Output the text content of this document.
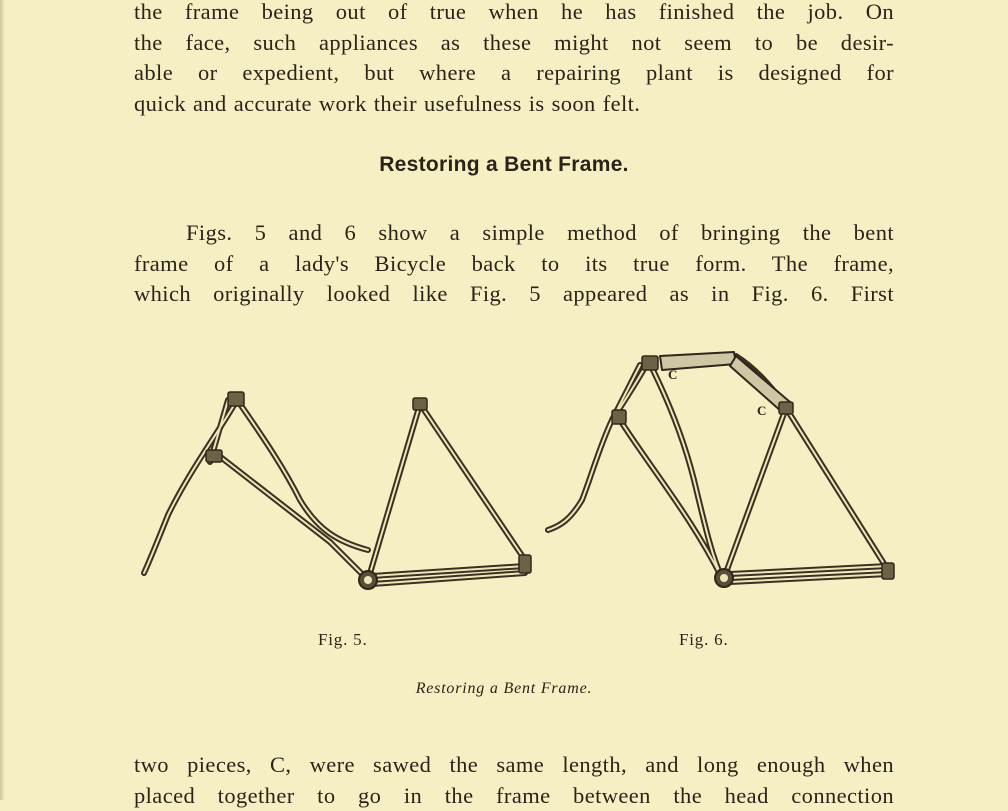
the frame being out of true when he has finished the job. On
the face, such appliances as these might not seem to be desir-
able or expedient, but where a repairing plant is designed for
quick and accurate work their usefulness is soon felt.
Restoring a Bent Frame.
Figs. 5 and 6 show a simple method of bringing the bent
frame of a lady's Bicycle back to its true form. The frame,
which originally looked like Fig. 5 appeared as in Fig. 6. First
C
C
Fig. 5.	Fig. 6.
Restoring a Bent Frame.
two pieces, C, were sawed the same length, and long enough when
placed together to go in the frame between the head connection
